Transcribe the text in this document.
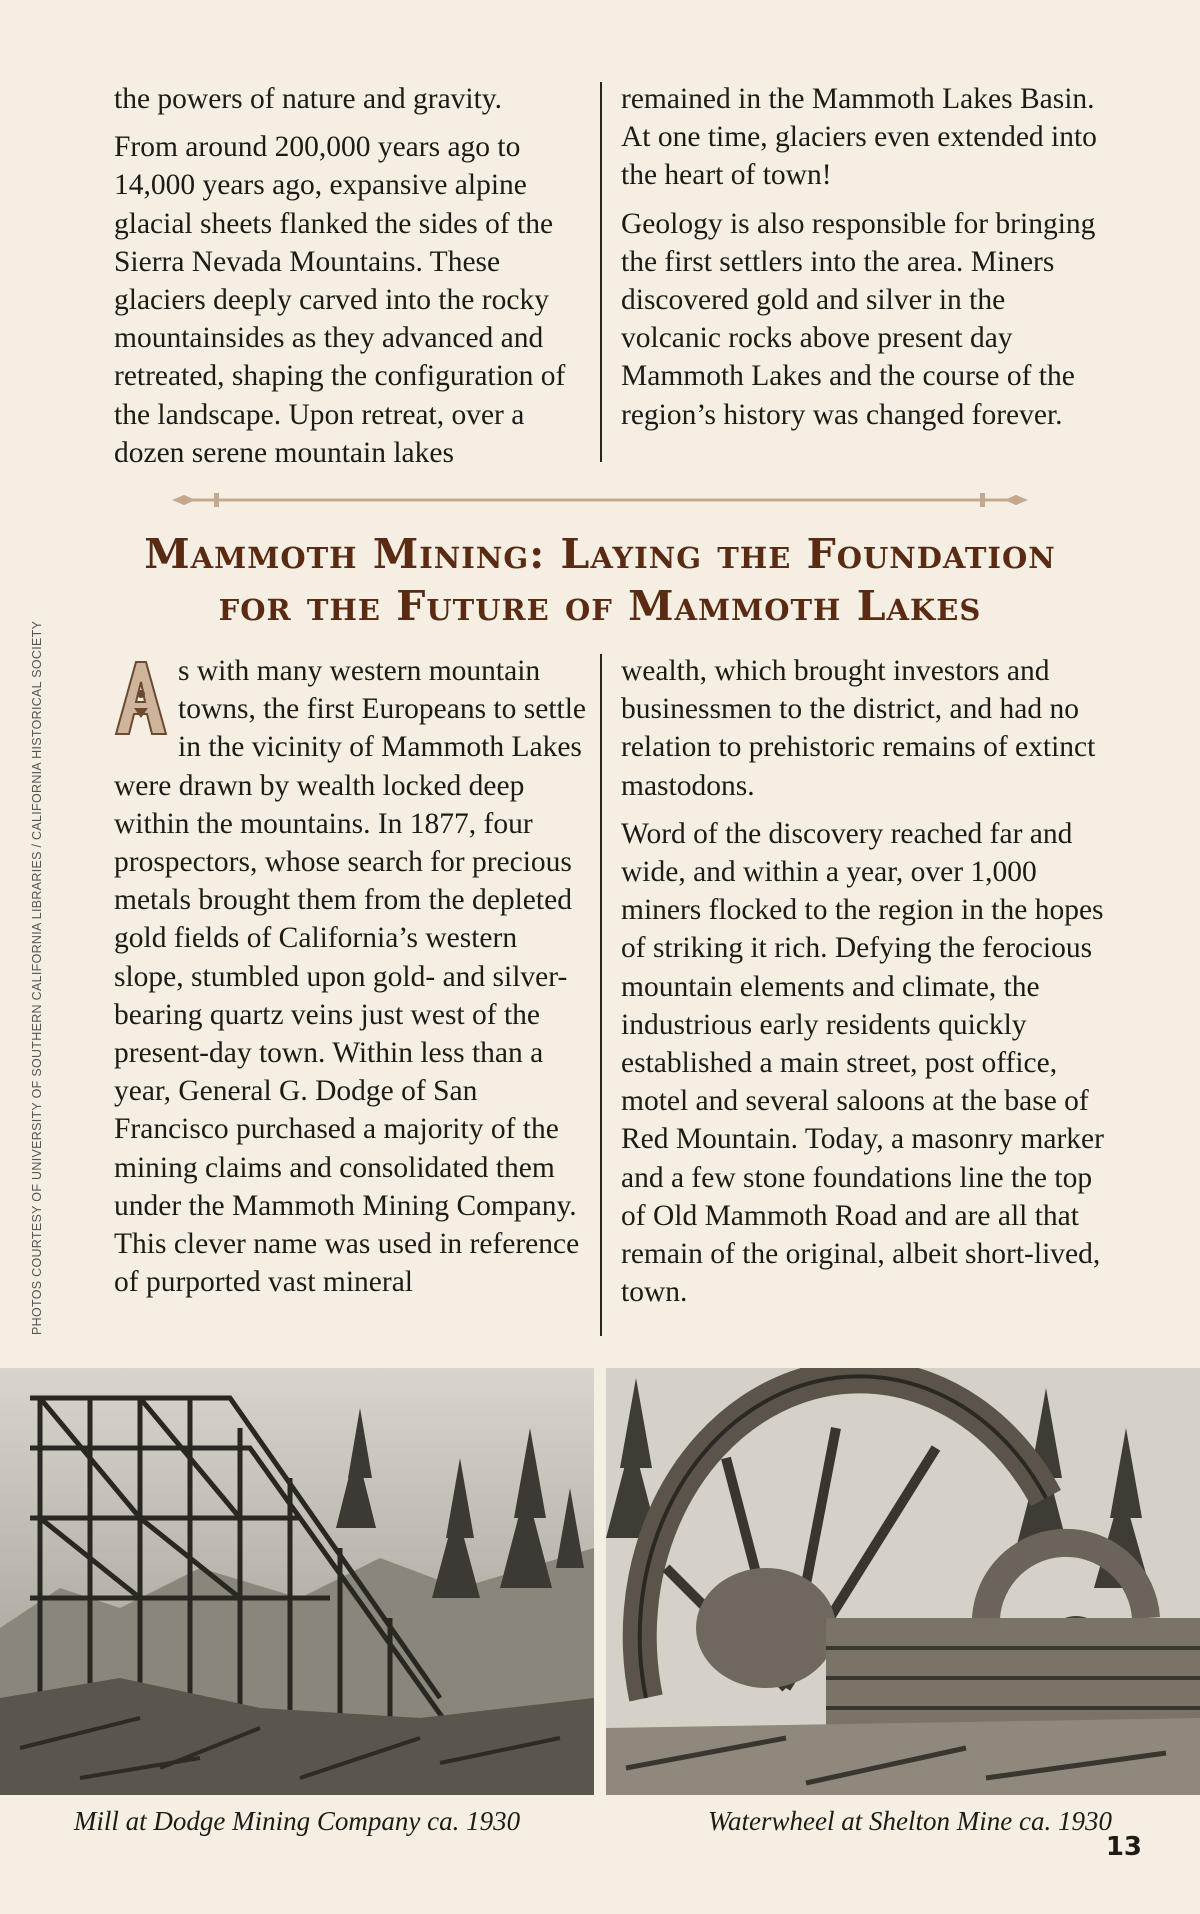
the powers of nature and gravity.

From around 200,000 years ago to 14,000 years ago, expansive alpine glacial sheets flanked the sides of the Sierra Nevada Mountains. These glaciers deeply carved into the rocky mountainsides as they advanced and retreated, shaping the configuration of the landscape. Upon retreat, over a dozen serene mountain lakes

remained in the Mammoth Lakes Basin. At one time, glaciers even extended into the heart of town!

Geology is also responsible for bringing the first settlers into the area. Miners discovered gold and silver in the volcanic rocks above present day Mammoth Lakes and the course of the region’s history was changed forever.

Mammoth Mining: Laying the Foundation
for the Future of Mammoth Lakes

s with many western mountain towns, the first Europeans to settle in the vicinity of Mammoth Lakes were drawn by wealth locked deep within the mountains. In 1877, four prospectors, whose search for precious metals brought them from the depleted gold fields of California’s western slope, stumbled upon gold- and silver-bearing quartz veins just west of the present-day town. Within less than a year, General G. Dodge of San Francisco purchased a majority of the mining claims and consolidated them under the Mammoth Mining Company. This clever name was used in reference of purported vast mineral

wealth, which brought investors and businessmen to the district, and had no relation to prehistoric remains of extinct mastodons.

Word of the discovery reached far and wide, and within a year, over 1,000 miners flocked to the region in the hopes of striking it rich. Defying the ferocious mountain elements and climate, the industrious early residents quickly established a main street, post office, motel and several saloons at the base of Red Mountain. Today, a masonry marker and a few stone foundations line the top of Old Mammoth Road and are all that remain of the original, albeit short-lived, town.

PHOTOS COURTESY OF UNIVERSITY OF SOUTHERN CALIFORNIA LIBRARIES / CALIFORNIA HISTORICAL SOCIETY
Mill at Dodge Mining Company ca. 1930	Waterwheel at Shelton Mine ca. 1930
13
